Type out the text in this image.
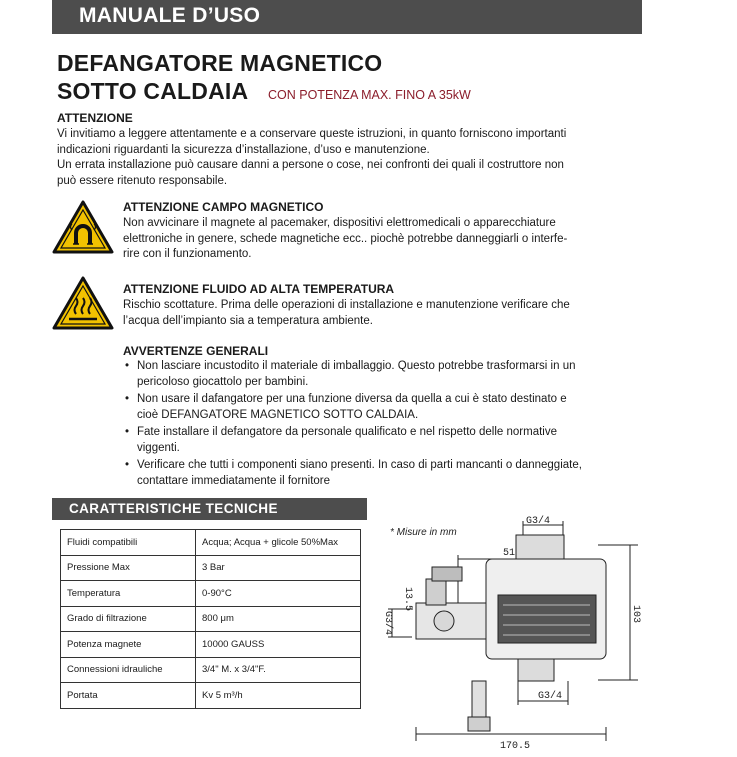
MANUALE D’USO
DEFANGATORE MAGNETICO
SOTTO CALDAIA CON POTENZA MAX. FINO A 35kW
ATTENZIONE
Vi invitiamo a leggere attentamente e a conservare queste istruzioni, in quanto forniscono importanti
indicazioni riguardanti la sicurezza d’installazione, d’uso e manutenzione.
Un errata installazione può causare danni a persone o cose, nei confronti dei quali il costruttore non
può essere ritenuto responsabile.
ATTENZIONE CAMPO MAGNETICO
Non avvicinare il magnete al pacemaker, dispositivi elettromedicali o apparecchiature
elettroniche in genere, schede magnetiche ecc.. piochè potrebbe danneggiarli o interfe-
rire con il funzionamento.
ATTENZIONE FLUIDO AD ALTA TEMPERATURA
Rischio scottature. Prima delle operazioni di installazione e manutenzione verificare che
l’acqua dell’impianto sia a temperatura ambiente.
AVVERTENZE GENERALI
• Non lasciare incustodito il materiale di imballaggio. Questo potrebbe trasformarsi in un
pericoloso giocattolo per bambini.
• Non usare il dafangatore per una funzione diversa da quella a cui è stato destinato e
cioè DEFANGATORE MAGNETICO SOTTO CALDAIA.
• Fate installare il defangatore da personale qualificato e nel rispetto delle normative
viggenti.
• Verificare che tutti i componenti siano presenti. In caso di parti mancanti o danneggiate,
contattare immediatamente il fornitore
CARATTERISTICHE TECNICHE
Fluidi compatibili	Acqua; Acqua + glicole 50%Max
Pressione Max	3 Bar
Temperatura	0-90°C
Grado di filtrazione	800 μm
Potenza magnete	10000 GAUSS
Connessioni idrauliche	3/4" M. x 3/4"F.
Portata	Kv 5 m³/h
* Misure in mm
G3/4
51
103
13.5
G3/4
G3/4
170.5
